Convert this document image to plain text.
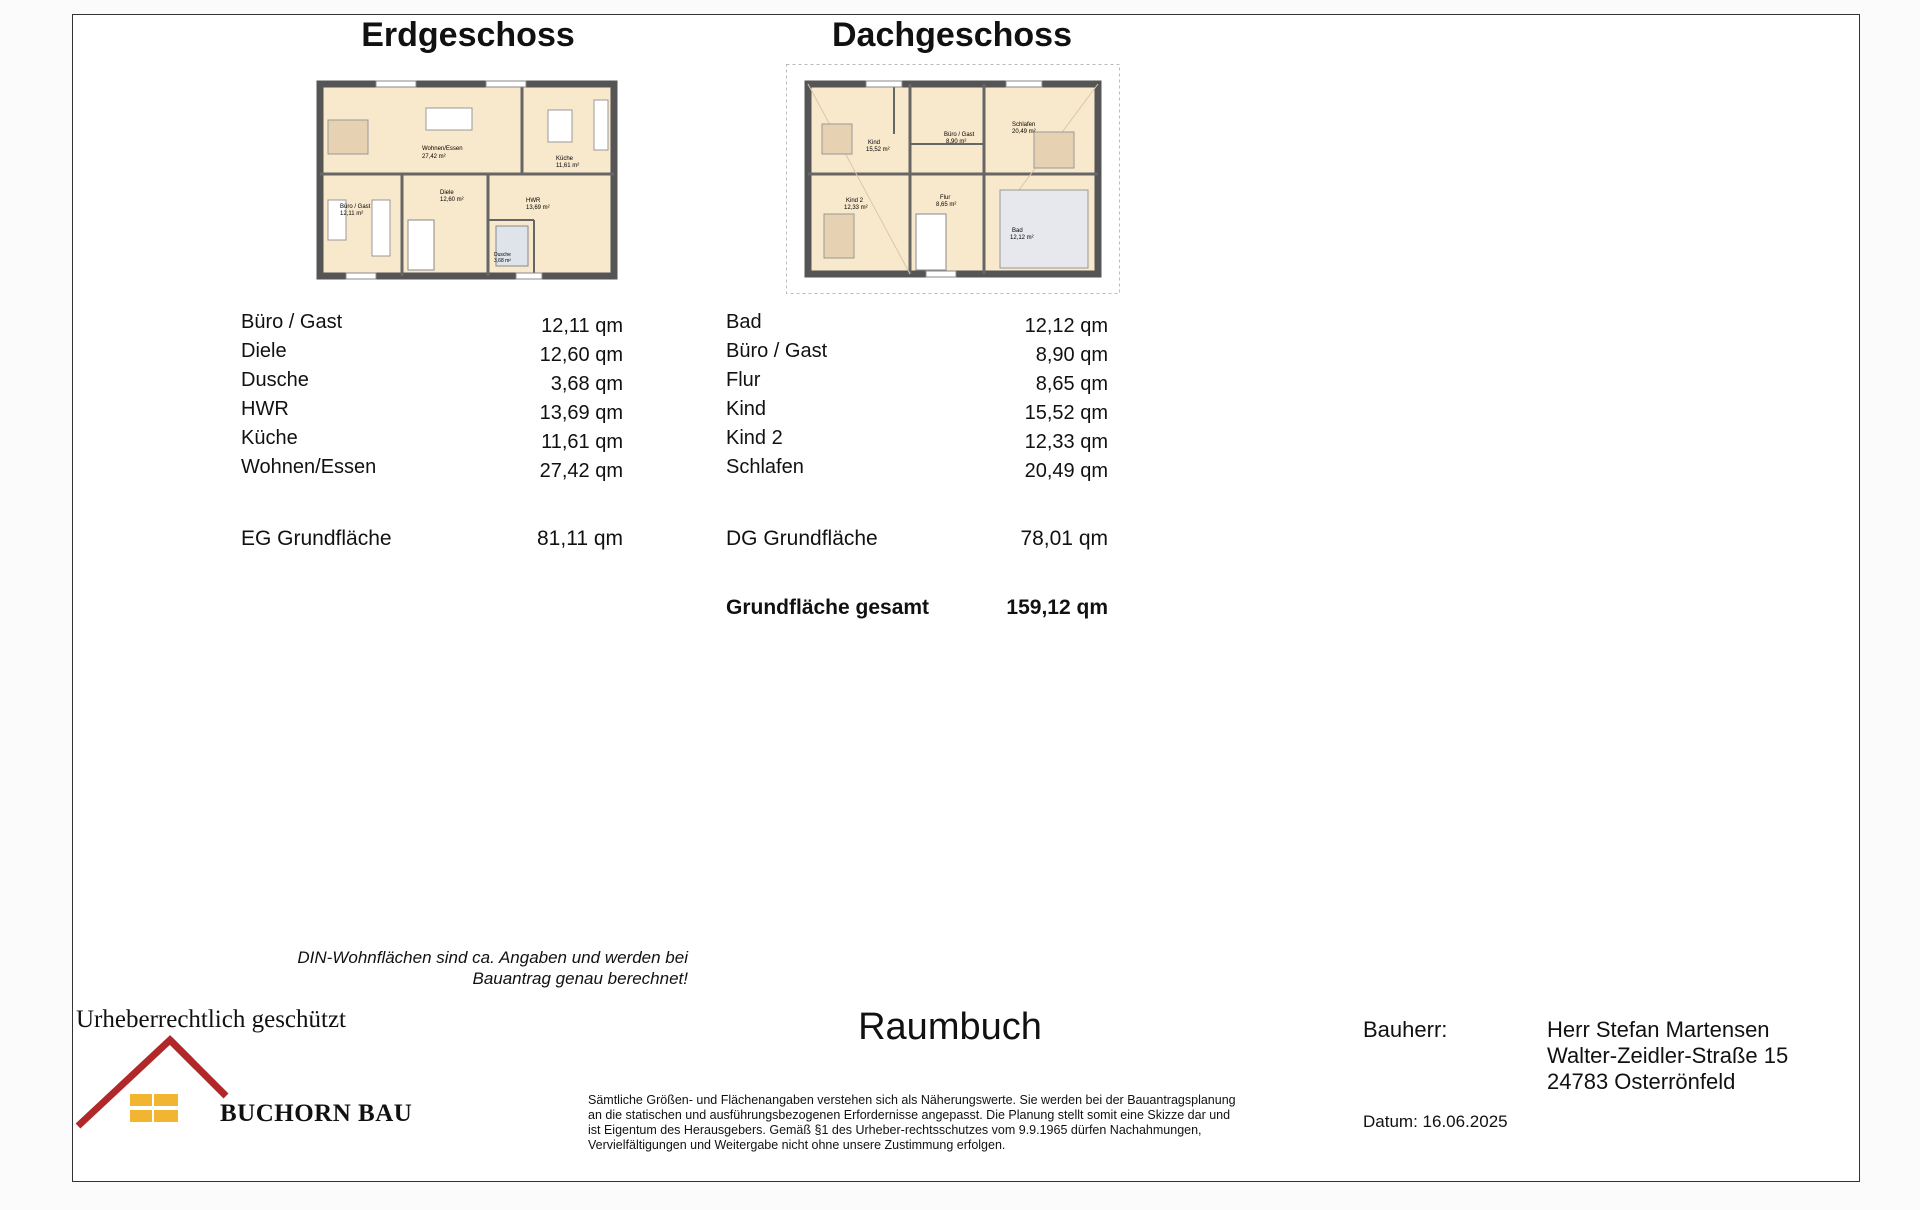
Erdgeschoss	Dachgeschoss
Wohnen/Essen
27,42 m²	Küche
11,61 m²
Büro / Gast
12,11 m²
Diele
12,60 m²	HWR
13,69 m²
Dusche
3,68 m²
Kind
15,52 m²
Büro / Gast
8,90 m²
Schlafen
20,49 m²
Kind 2
12,33 m²
Flur
8,65 m²
Bad
12,12 m²
Büro / Gast	12,11 qm
Diele	12,60 qm
Dusche	3,68 qm
HWR	13,69 qm
Küche	11,61 qm
Wohnen/Essen	27,42 qm
EG Grundfläche	81,11 qm
Bad	12,12 qm
Büro / Gast	8,90 qm
Flur	8,65 qm
Kind	15,52 qm
Kind 2	12,33 qm
Schlafen	20,49 qm
DG Grundfläche	78,01 qm
Grundfläche gesamt	159,12 qm
DIN-Wohnflächen sind ca. Angaben und werden bei
Bauantrag genau berechnet!
Urheberrechtlich geschützt
BUCHORN BAU
Raumbuch
Sämtliche Größen- und Flächenangaben verstehen sich als Näherungswerte. Sie werden bei der Bauantragsplanung
an die statischen und ausführungsbezogenen Erfordernisse angepasst. Die Planung stellt somit eine Skizze dar und
ist Eigentum des Herausgebers. Gemäß §1 des Urheber-rechtsschutzes vom 9.9.1965 dürfen Nachahmungen,
Vervielfältigungen und Weitergabe nicht ohne unsere Zustimmung erfolgen.
Bauherr:	Herr Stefan Martensen
Walter-Zeidler-Straße 15
24783 Osterrönfeld
Datum: 16.06.2025
